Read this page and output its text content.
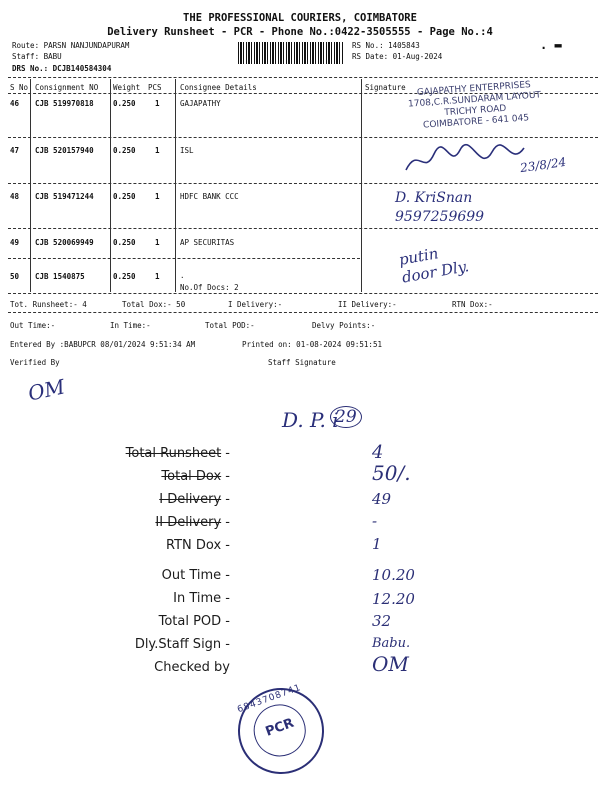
THE PROFESSIONAL COURIERS, COIMBATORE
Delivery Runsheet - PCR - Phone No.:0422-3505555 - Page No.:4
Route: PARSN NANJUNDAPURAM
Staff: BABU
DRS No.: DCJB140584304
RS No.: 1405843
RS Date: 01-Aug-2024
. ▬
S No Consignment NO Weight PCS Consignee Details	Signature
46 CJB 519970818	0.250	1	GAJAPATHY
GAJAPATHY ENTERPRISES
1708,C.R.SUNDARAM LAYOUT
TRICHY ROAD
COIMBATORE - 641 045
47 CJB 520157940	0.250	1	ISL
23/8/24
48 CJB 519471244	0.250	1	HDFC BANK CCC	D. KriSnan
9597259699
49 CJB 520069949	0.250	1	AP SECURITAS
putin
door Dly.
50 CJB 1540875	0.250	1	.
No.Of Docs: 2
Tot. Runsheet:- 4	Total Dox:- 50	I Delivery:-	II Delivery:-	RTN Dox:-
Out Time:-	In Time:-	Total POD:-	Delvy Points:-
Entered By :BABUPCR 08/01/2024 9:51:34 AM	Printed on: 01-08-2024 09:51:51
Verified By	Staff Signature
OM
D. P. i
29
Total Runsheet -	4
Total Dox -	50/.
I Delivery -	49
II Delivery -	-
RTN Dox -	1
Out Time -	10.20
In Time -	12.20
Total POD -	32
Dly.Staff Sign -	Babu.
Checked by	OM
PCR
6843708741
